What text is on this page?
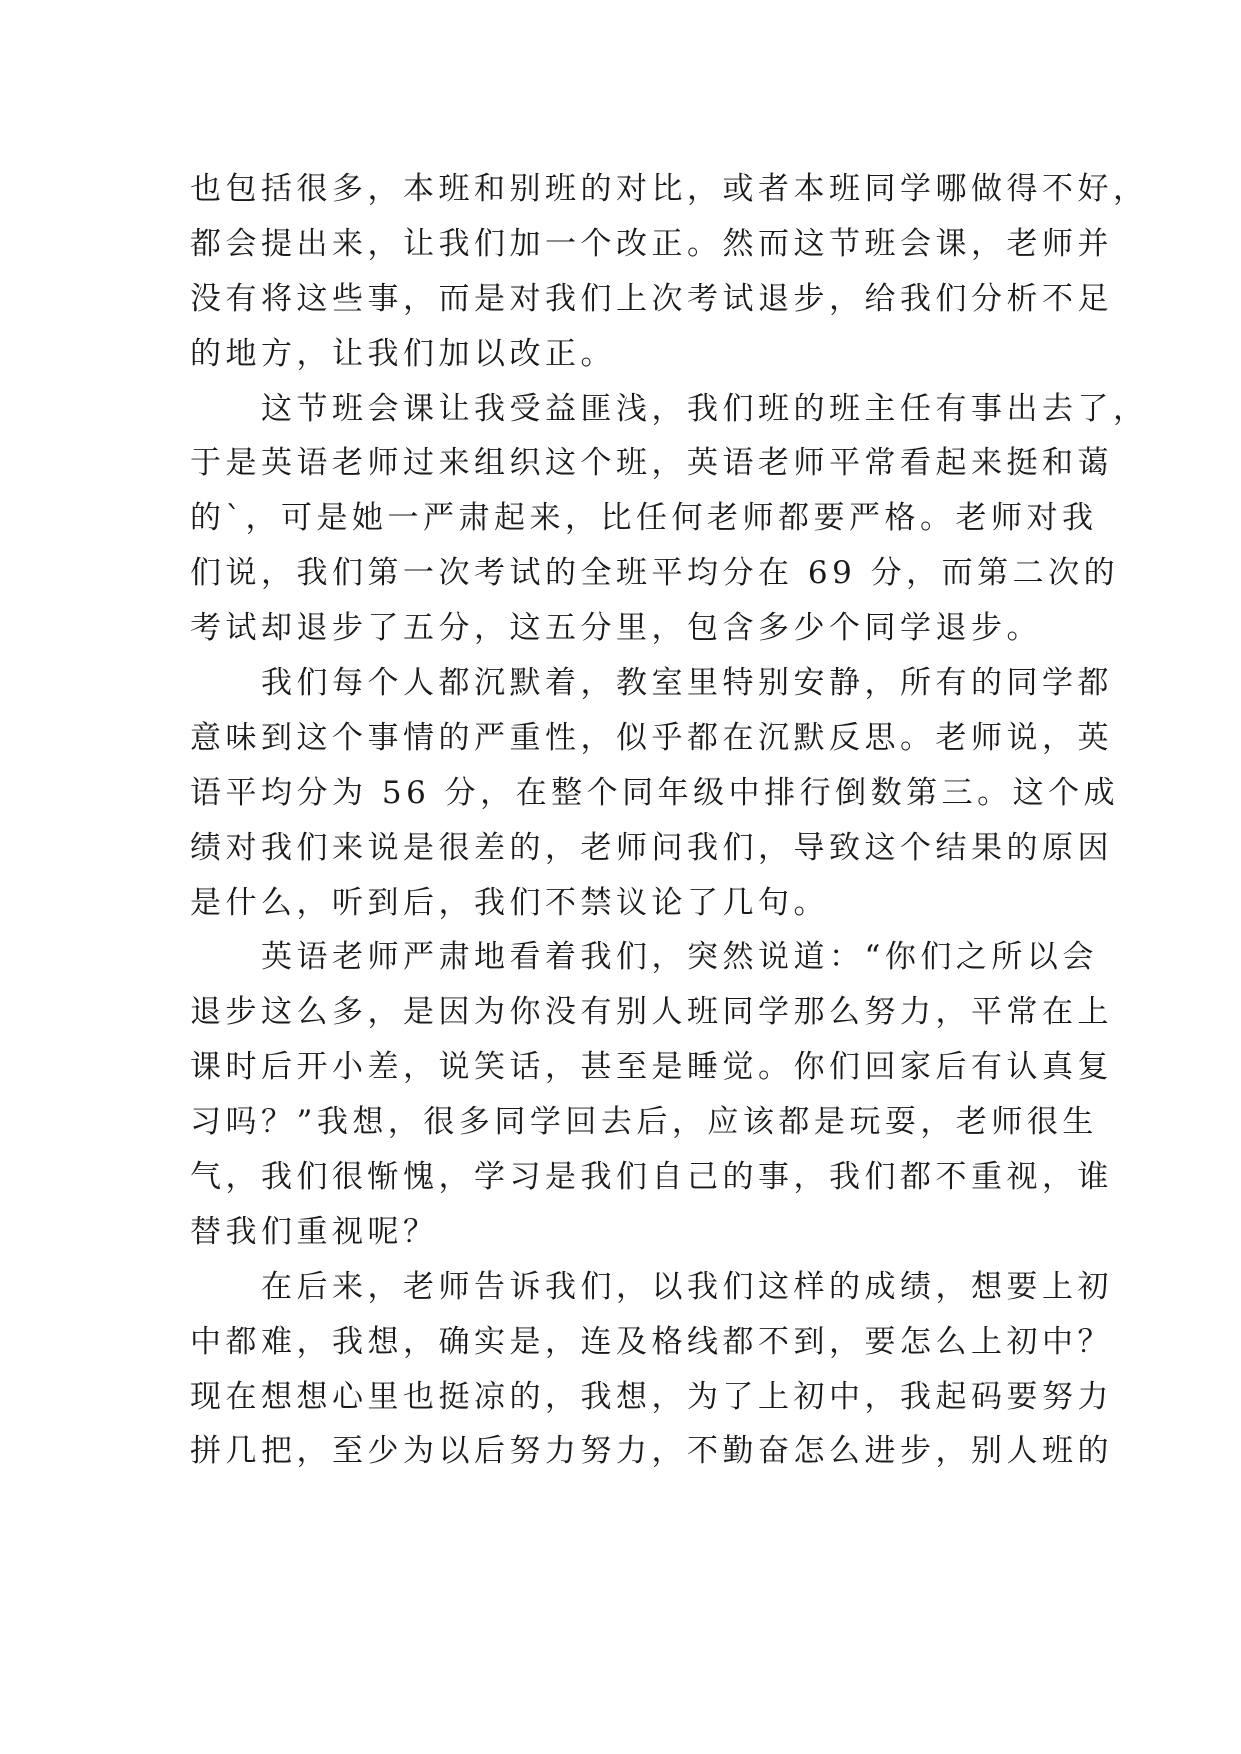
也包括很多，本班和别班的对比，或者本班同学哪做得不好，
都会提出来，让我们加一个改正。然而这节班会课，老师并
没有将这些事，而是对我们上次考试退步，给我们分析不足
的地方，让我们加以改正。
　　这节班会课让我受益匪浅，我们班的班主任有事出去了，
于是英语老师过来组织这个班，英语老师平常看起来挺和蔼
的`，可是她一严肃起来，比任何老师都要严格。老师对我
们说，我们第一次考试的全班平均分在 69 分，而第二次的
考试却退步了五分，这五分里，包含多少个同学退步。
　　我们每个人都沉默着，教室里特别安静，所有的同学都
意味到这个事情的严重性，似乎都在沉默反思。老师说，英
语平均分为 56 分，在整个同年级中排行倒数第三。这个成
绩对我们来说是很差的，老师问我们，导致这个结果的原因
是什么，听到后，我们不禁议论了几句。
　　英语老师严肃地看着我们，突然说道：“你们之所以会
退步这么多，是因为你没有别人班同学那么努力，平常在上
课时后开小差，说笑话，甚至是睡觉。你们回家后有认真复
习吗？”我想，很多同学回去后，应该都是玩耍，老师很生
气，我们很惭愧，学习是我们自己的事，我们都不重视，谁
替我们重视呢？
　　在后来，老师告诉我们，以我们这样的成绩，想要上初
中都难，我想，确实是，连及格线都不到，要怎么上初中？
现在想想心里也挺凉的，我想，为了上初中，我起码要努力
拼几把，至少为以后努力努力，不勤奋怎么进步，别人班的
